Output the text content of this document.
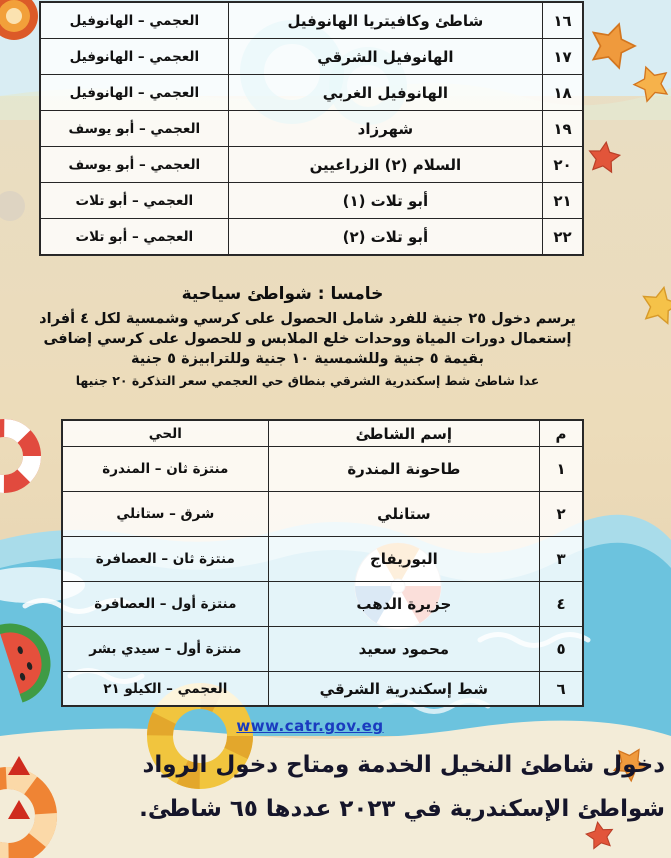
١٦	شاطئ وكافيتريا الهانوفيل	العجمي – الهانوفيل
١٧	الهانوفيل الشرقي	العجمي – الهانوفيل
١٨	الهانوفيل الغربي	العجمي – الهانوفيل
١٩	شهرزاد	العجمي – أبو يوسف
٢٠	السلام (٢) الزراعيين	العجمي – أبو يوسف
٢١	أبو تلات (١)	العجمي – أبو تلات
٢٢	أبو تلات (٢)	العجمي – أبو تلات
خامسا : شواطئ سياحية
يرسم دخول ٢٥ جنية للفرد شامل الحصول على كرسي وشمسية لكل ٤ أفراد
إستعمال دورات المياة ووحدات خلع الملابس و للحصول على كرسي إضافى
بقيمة ٥ جنية وللشمسية ١٠ جنية وللترابيزة ٥ جنية
عدا شاطئ شط إسكندرية الشرقي بنطاق حي العجمي سعر التذكرة ٢٠ جنيها
م	إسم الشاطئ	الحي
١	طاحونة المندرة	منتزة ثان – المندرة
٢	ستانلي	شرق – ستانلي
٣	البوريفاج	منتزة ثان – العصافرة
٤	جزيرة الدهب	منتزة أول – العصافرة
٥	محمود سعيد	منتزة أول – سيدي بشر
٦	شط إسكندرية الشرقي	العجمي – الكيلو ٢١
www.catr.gov.eg
دخول شاطئ النخيل الخدمة ومتاح دخول الرواد
شواطئ الإسكندرية في ٢٠٢٣ عددها ٦٥ شاطئ.
